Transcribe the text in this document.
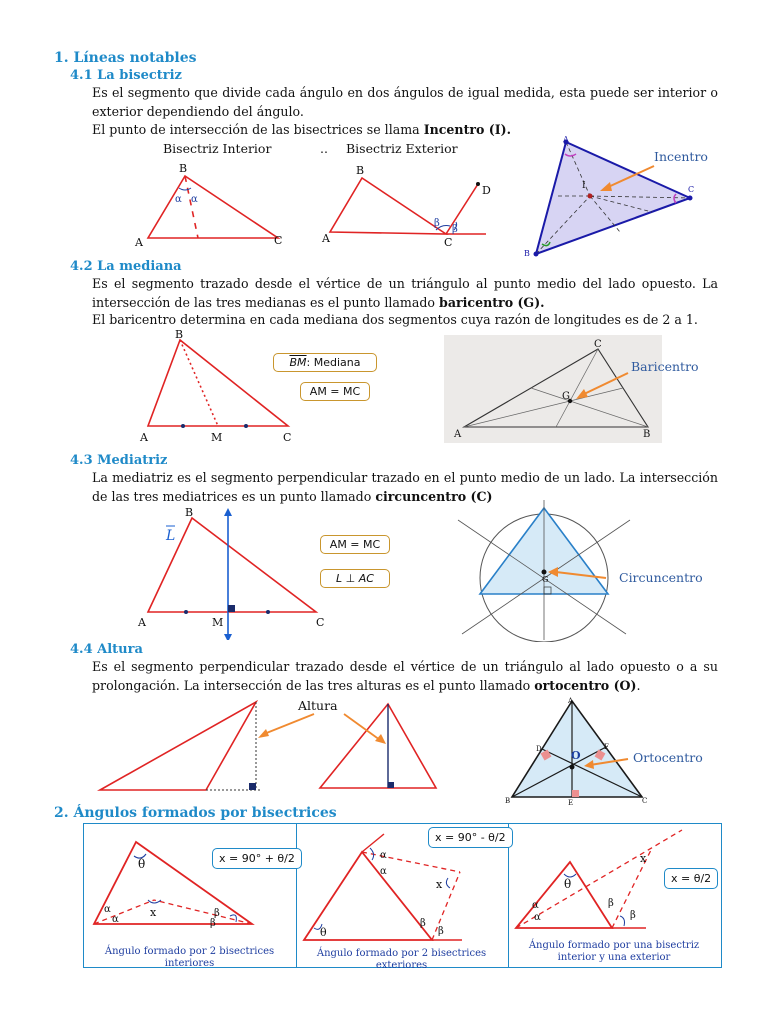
1. Líneas notables
4.1 La bisectriz
Es el segmento que divide cada ángulo en dos ángulos de igual medida, esta puede ser interior o exterior dependiendo del ángulo.
El punto de intersección de las bisectrices se llama Incentro (I).
Bisectriz Interior	.. Bisectriz Exterior
α α
B
A	C
β
β
D
B
A	C
I
A
B
C
Incentro
4.2 La mediana
Es el segmento trazado desde el vértice de un triángulo al punto medio del lado opuesto. La intersección de las tres medianas es el punto llamado baricentro (G).
El baricentro determina en cada mediana dos segmentos cuya razón de longitudes es de 2 a 1.
B
A	M	C
$\overline{BM}$: Mediana
AM = MC	G
C
A	B
Baricentro
4.3 Mediatriz
La mediatriz es el segmento perpendicular trazado en el punto medio de un lado. La intersección de las tres mediatrices es un punto llamado circuncentro (C)
B
A	M	C
L
AM = MC
L ⊥ AC	G	Circuncentro
4.4 Altura
Es el segmento perpendicular trazado desde el vértice de un triángulo al lado opuesto o a su prolongación. La intersección de las tres alturas es el punto llamado ortocentro (O).
Altura
O
A
B	C
D	F
E
Ortocentro
2. Ángulos formados por bisectrices
θ
x
α
α
β
β
x = 90° + θ/2
Ángulo formado por 2 bisectrices interiores
α
α
x
β
β
θ
x = 90° - θ/2
Ángulo formado por 2 bisectrices exteriores
θ
x
α
α
β
β
x = θ/2
Ángulo formado por una bisectriz interior y una exterior
